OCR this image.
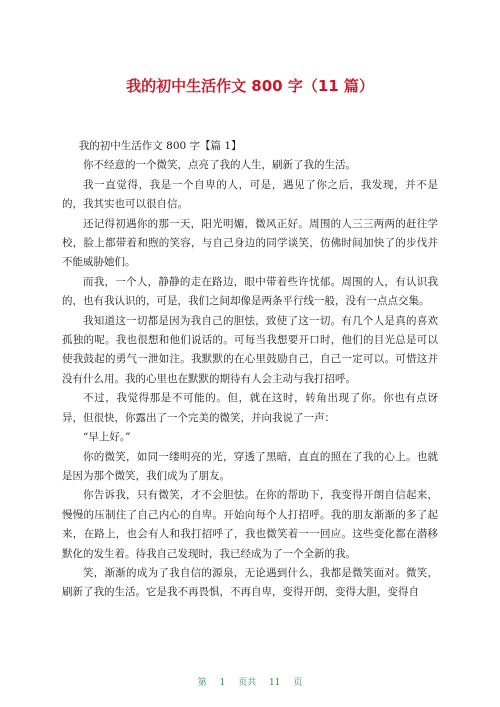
我的初中生活作文 800 字（11 篇）

我的初中生活作文 800 字【篇 1】

你不经意的一个微笑，点亮了我的人生，刷新了我的生活。

我一直觉得，我是一个自卑的人，可是，遇见了你之后，我发现，并不是的，我其实也可以很自信。

还记得初遇你的那一天，阳光明媚，微风正好。周围的人三三两两的赶往学校，脸上都带着和煦的笑容，与自己身边的同学谈笑，仿佛时间加快了的步伐并不能威胁她们。

而我，一个人，静静的走在路边，眼中带着些许忧郁。周围的人，有认识我的，也有我认识的，可是，我们之间却像是两条平行线一般，没有一点点交集。

我知道这一切都是因为我自己的胆怯，致使了这一切。有几个人是真的喜欢孤独的呢。我也很想和他们说话的。可每当我想要开口时，他们的目光总是可以使我鼓起的勇气一泄如注。我默默的在心里鼓励自己，自己一定可以。可惜这并没有什么用。我的心里也在默默的期待有人会主动与我打招呼。

不过，我觉得那是不可能的。但，就在这时，转角出现了你。你也有点讶异，但很快，你露出了一个完美的微笑，并向我说了一声：

“早上好。”

你的微笑，如同一缕明亮的光，穿透了黑暗，直直的照在了我的心上。也就是因为那个微笑，我们成为了朋友。

你告诉我，只有微笑，才不会胆怯。在你的帮助下，我变得开朗自信起来，慢慢的压制住了自己内心的自卑。开始向每个人打招呼。我的朋友渐渐的多了起来，在路上，也会有人和我打招呼了，我也微笑着一一回应。这些变化都在潜移默化的发生着。待我自己发现时，我已经成为了一个全新的我。

笑，渐渐的成为了我自信的源泉，无论遇到什么，我都是微笑面对。微笑，刷新了我的生活。它是我不再畏惧，不再自卑，变得开朗，变得大胆，变得自

第 1 页共 11 页
